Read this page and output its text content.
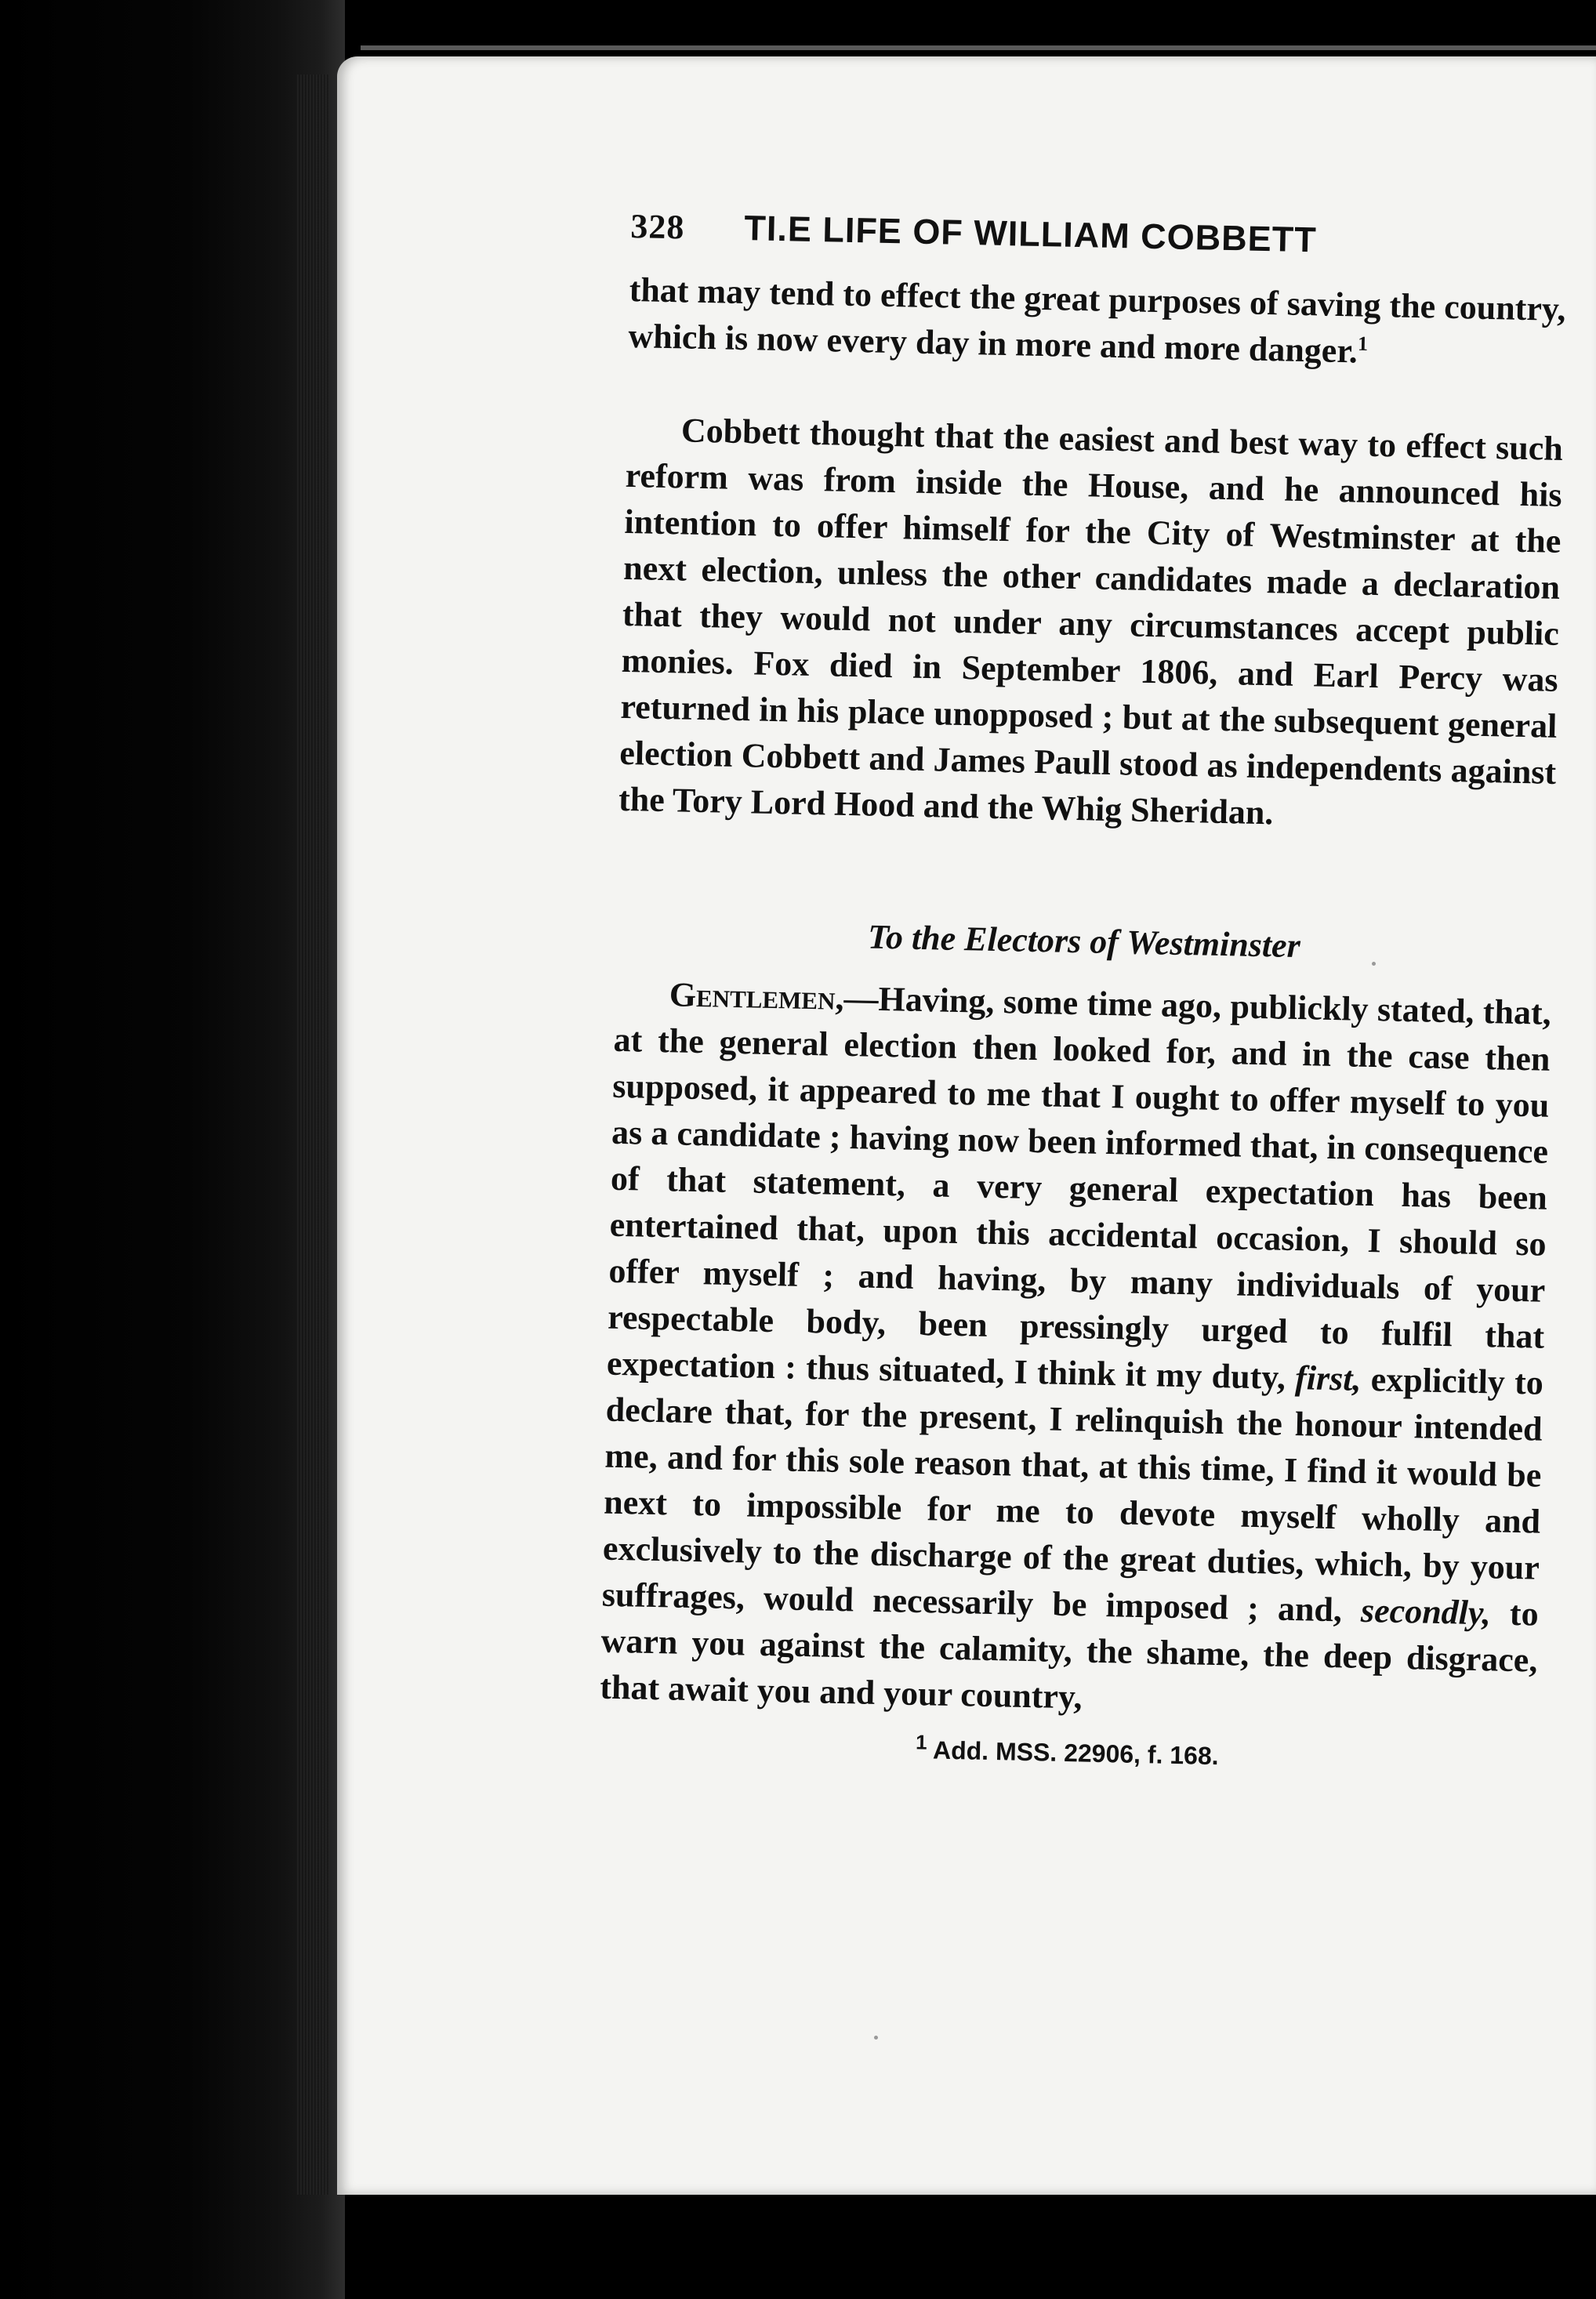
328	TI.E LIFE OF WILLIAM COBBETT

that may tend to effect the great purposes of saving the country, which is now every day in more and more danger.$^1$

Cobbett thought that the easiest and best way to effect such reform was from inside the House, and he announced his intention to offer himself for the City of Westminster at the next election, unless the other candidates made a declaration that they would not under any circumstances accept public monies. Fox died in September 1806, and Earl Percy was returned in his place unopposed ; but at the subsequent general election Cobbett and James Paull stood as independents against the Tory Lord Hood and the Whig Sheridan.

To the Electors of Westminster

Gentlemen,—Having, some time ago, publickly stated, that, at the general election then looked for, and in the case then supposed, it appeared to me that I ought to offer myself to you as a candidate ; having now been informed that, in consequence of that statement, a very general expectation has been entertained that, upon this accidental occasion, I should so offer myself ; and having, by many individuals of your respectable body, been pressingly urged to fulfil that expectation : thus situated, I think it my duty, first, explicitly to declare that, for the present, I relinquish the honour intended me, and for this sole reason that, at this time, I find it would be next to impossible for me to devote myself wholly and exclusively to the discharge of the great duties, which, by your suffrages, would necessarily be imposed ; and, secondly, to warn you against the calamity, the shame, the deep disgrace, that await you and your country,

$^1$ Add. MSS. 22906, f. 168.
